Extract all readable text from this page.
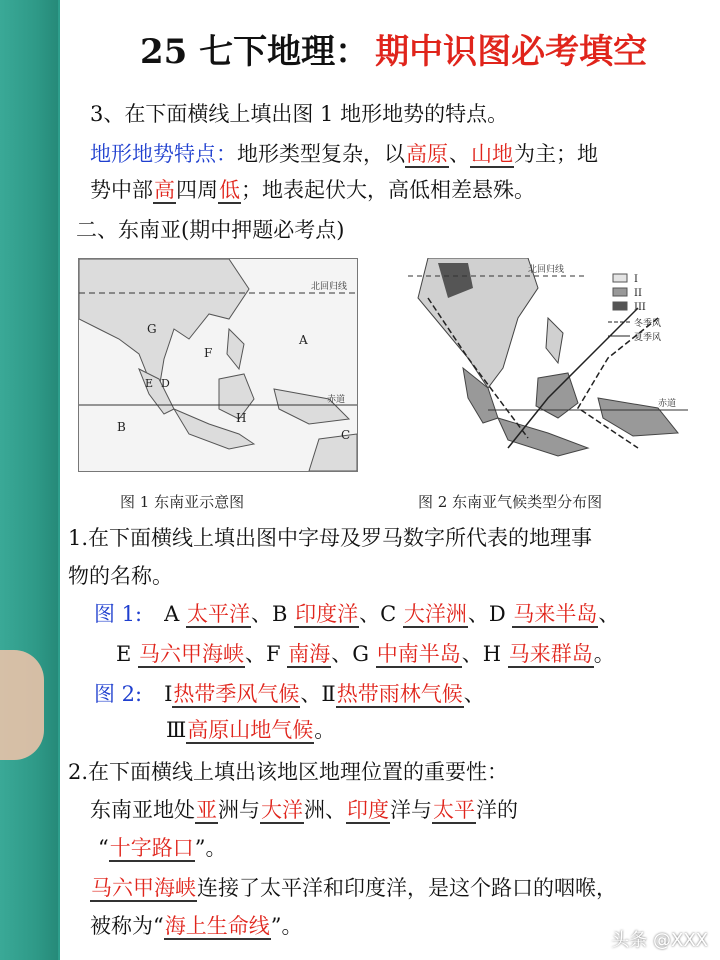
25 七下地理： 期中识图必考填空
3、在下面横线上填出图 1 地形地势的特点。
地形地势特点：地形类型复杂，以高原、山地为主；地
势中部高四周低；地表起伏大，高低相差悬殊。
二、东南亚(期中押题必考点)
北回归线
赤道
A
B
C
D
E
F
G
H
北回归线
赤道
I
II
III
冬季风
夏季风
图 1 东南亚示意图	图 2 东南亚气候类型分布图
1.在下面横线上填出图中字母及罗马数字所代表的地理事
物的名称。
图 1: A 太平洋、B 印度洋、C 大洋洲、D 马来半岛、
E 马六甲海峡、F 南海、G 中南半岛、H 马来群岛。
图 2: Ⅰ热带季风气候、Ⅱ热带雨林气候、
Ⅲ高原山地气候。
2.在下面横线上填出该地区地理位置的重要性：
东南亚地处亚洲与大洋洲、印度洋与太平洋的
“十字路口”。
马六甲海峡连接了太平洋和印度洋，是这个路口的咽喉，
被称为“海上生命线”。
头条 @XXX
